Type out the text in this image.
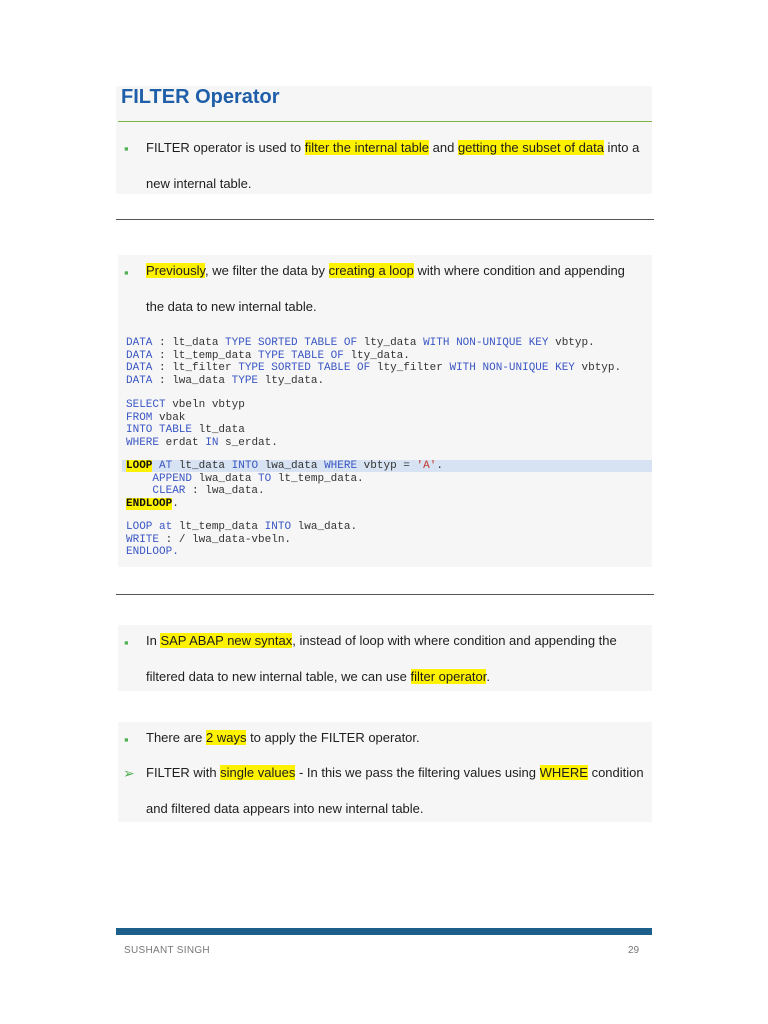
FILTER Operator
▪ FILTER operator is used to filter the internal table and getting the subset of data into a
new internal table.
▪ Previously, we filter the data by creating a loop with where condition and appending
the data to new internal table.
DATA : lt_data TYPE SORTED TABLE OF lty_data WITH NON-UNIQUE KEY vbtyp.
DATA : lt_temp_data TYPE TABLE OF lty_data.
DATA : lt_filter TYPE SORTED TABLE OF lty_filter WITH NON-UNIQUE KEY vbtyp.
DATA : lwa_data TYPE lty_data.
SELECT vbeln vbtyp
FROM vbak
INTO TABLE lt_data
WHERE erdat IN s_erdat.
LOOP AT lt_data INTO lwa_data WHERE vbtyp = 'A'.
APPEND lwa_data TO lt_temp_data.
CLEAR : lwa_data.
ENDLOOP.
LOOP at lt_temp_data INTO lwa_data.
WRITE : / lwa_data-vbeln.
ENDLOOP.
▪ In SAP ABAP new syntax, instead of loop with where condition and appending the
filtered data to new internal table, we can use filter operator.
▪ There are 2 ways to apply the FILTER operator.
➢ FILTER with single values - In this we pass the filtering values using WHERE condition
and filtered data appears into new internal table.
SUSHANT SINGH	29
